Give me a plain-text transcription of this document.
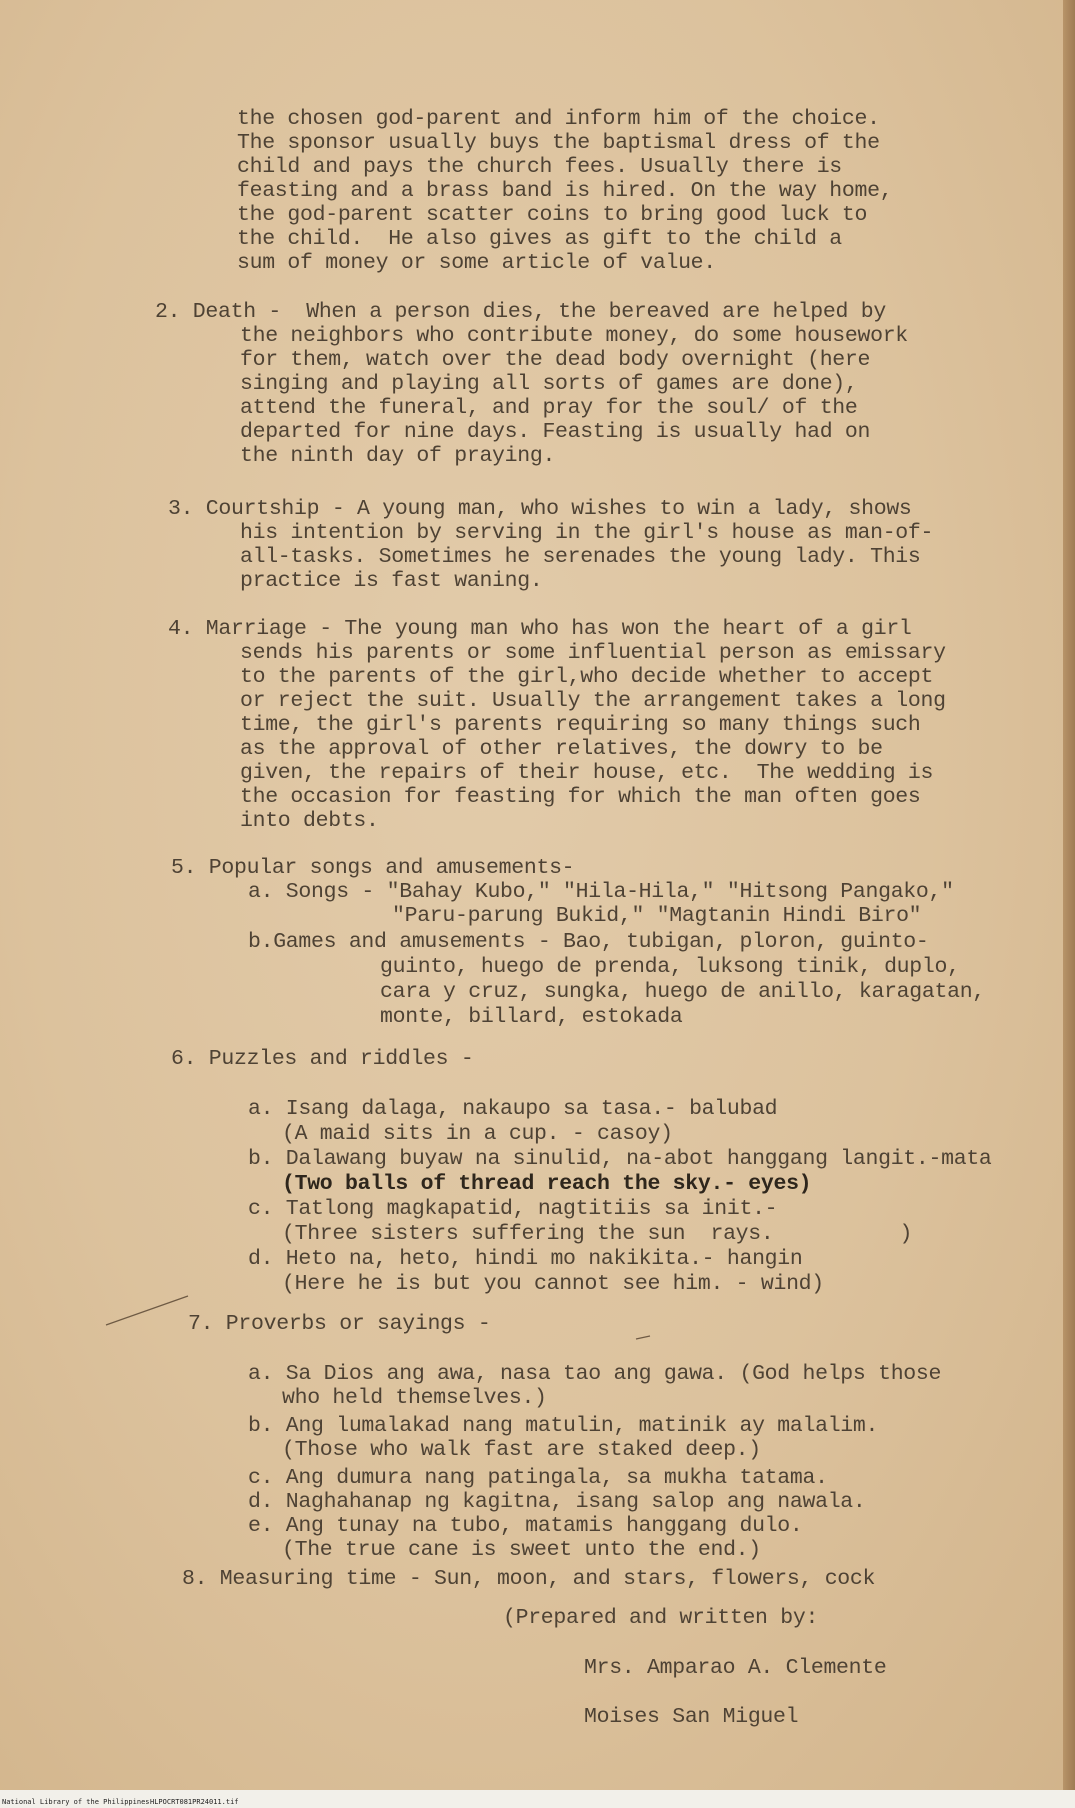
the chosen god-parent and inform him of the choice.

The sponsor usually buys the baptismal dress of the

child and pays the church fees. Usually there is

feasting and a brass band is hired. On the way home,

the god-parent scatter coins to bring good luck to

the child.  He also gives as gift to the child a

sum of money or some article of value.

2. Death -  When a person dies, the bereaved are helped by

the neighbors who contribute money, do some housework

for them, watch over the dead body overnight (here

singing and playing all sorts of games are done),

attend the funeral, and pray for the soul/ of the

departed for nine days. Feasting is usually had on

the ninth day of praying.

3. Courtship - A young man, who wishes to win a lady, shows

his intention by serving in the girl's house as man-of-

all-tasks. Sometimes he serenades the young lady. This

practice is fast waning.

4. Marriage - The young man who has won the heart of a girl

sends his parents or some influential person as emissary

to the parents of the girl,who decide whether to accept

or reject the suit. Usually the arrangement takes a long

time, the girl's parents requiring so many things such

as the approval of other relatives, the dowry to be

given, the repairs of their house, etc.  The wedding is

the occasion for feasting for which the man often goes

into debts.

5. Popular songs and amusements-

a. Songs - "Bahay Kubo," "Hila-Hila," "Hitsong Pangako,"

"Paru-parung Bukid," "Magtanin Hindi Biro"

b.Games and amusements - Bao, tubigan, ploron, guinto-

guinto, huego de prenda, luksong tinik, duplo,

cara y cruz, sungka, huego de anillo, karagatan,

monte, billard, estokada

6. Puzzles and riddles -

a. Isang dalaga, nakaupo sa tasa.- balubad

(A maid sits in a cup. - casoy)

b. Dalawang buyaw na sinulid, na-abot hanggang langit.-mata

(Two balls of thread reach the sky.- eyes)

c. Tatlong magkapatid, nagtitiis sa init.-

(Three sisters suffering the sun  rays.          )

d. Heto na, heto, hindi mo nakikita.- hangin

(Here he is but you cannot see him. - wind)

7. Proverbs or sayings -

a. Sa Dios ang awa, nasa tao ang gawa. (God helps those

who held themselves.)

b. Ang lumalakad nang matulin, matinik ay malalim.

(Those who walk fast are staked deep.)

c. Ang dumura nang patingala, sa mukha tatama.

d. Naghahanap ng kagitna, isang salop ang nawala.

e. Ang tunay na tubo, matamis hanggang dulo.

(The true cane is sweet unto the end.)

8. Measuring time - Sun, moon, and stars, flowers, cock

(Prepared and written by:

Mrs. Amparao A. Clemente

Moises San Miguel

National Library of the Philippines HLPOCRT081PR24011.tif
